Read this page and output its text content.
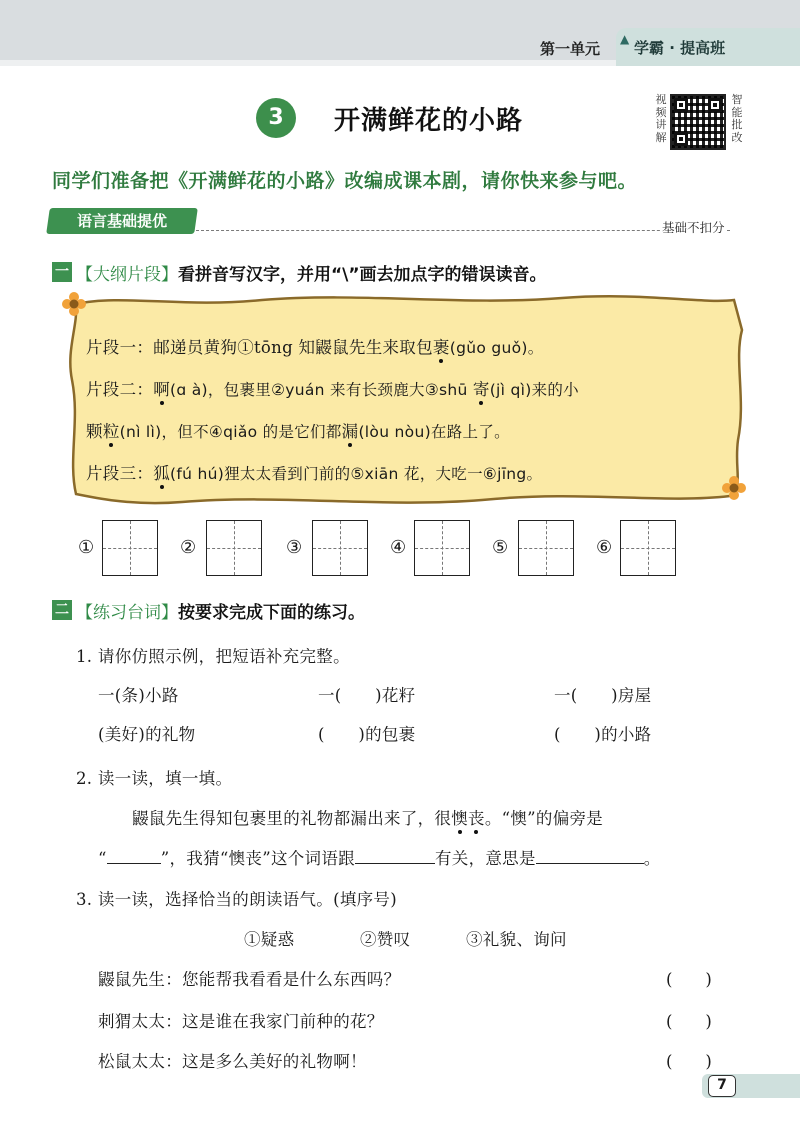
第一单元
▲ 学霸 · 提高班
3	开满鲜花的小路
视频讲解
智能批改
同学们准备把《开满鲜花的小路》改编成课本剧，请你快来参与吧。
语言基础提优	基础不扣分
一 【大纲片段】看拼音写汉字，并用“\”画去加点字的错误读音。
片段一：邮递员黄狗①tōng 知鼹鼠先生来取包裹(gǔo guǒ)。
片段二：啊(ɑ à)，包裹里②yuán 来有长颈鹿大③shū 寄(jì qì)来的小
颗粒(nì lì)，但不④qiǎo 的是它们都漏(lòu nòu)在路上了。
片段三：狐(fú hú)狸太太看到门前的⑤xiān 花，大吃一⑥jīng。
①	②	③	④	⑤	⑥
二 【练习台词】按要求完成下面的练习。
1. 请你仿照示例，把短语补充完整。
一(条)小路	一(　　)花籽	一(　　)房屋
(美好)的礼物	(　　)的包裹	(　　)的小路
2. 读一读，填一填。
鼹鼠先生得知包裹里的礼物都漏出来了，很懊丧。“懊”的偏旁是
“	”，我猜“懊丧”这个词语跟	有关，意思是	。
3. 读一读，选择恰当的朗读语气。(填序号)
①疑惑	②赞叹	③礼貌、询问
鼹鼠先生：您能帮我看看是什么东西吗？	(　　)
刺猬太太：这是谁在我家门前种的花？	(　　)
松鼠太太：这是多么美好的礼物啊！	(　　)
7
